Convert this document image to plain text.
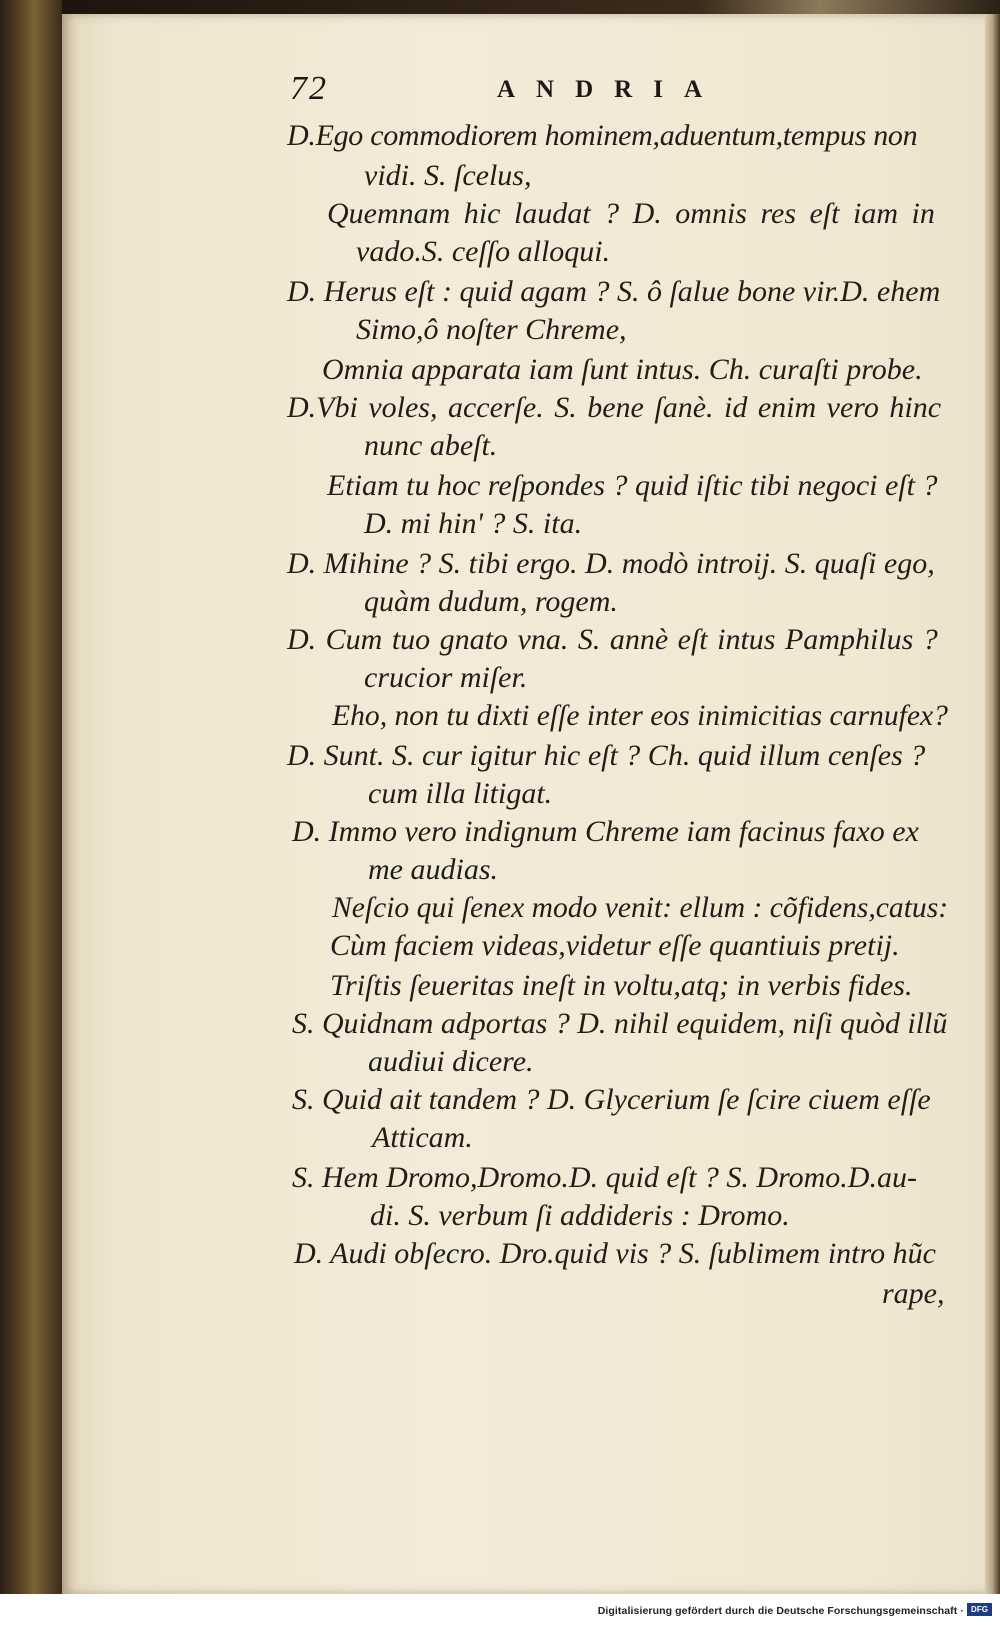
72	ANDRIA
D.Ego commodiorem hominem,aduentum,tempus non
vidi. S. ſcelus,
Quemnam hic laudat ? D. omnis res eſt iam in
vado.S. ceſſo alloqui.
D. Herus eſt : quid agam ? S. ô ſalue bone vir.D. ehem
Simo,ô noſter Chreme,
Omnia apparata iam ſunt intus. Ch. curaſti probe.
D.Vbi voles, accerſe. S. bene ſanè. id enim vero hinc
nunc abeſt.
Etiam tu hoc reſpondes ? quid iſtic tibi negoci eſt ?
D. mi hin' ? S. ita.
D. Mihine ? S. tibi ergo. D. modò introij. S. quaſi ego,
quàm dudum, rogem.
D. Cum tuo gnato vna. S. annè eſt intus Pamphilus ?
crucior miſer.
Eho, non tu dixti eſſe inter eos inimicitias carnufex?
D. Sunt. S. cur igitur hic eſt ? Ch. quid illum cenſes ?
cum illa litigat.
D. Immo vero indignum Chreme iam facinus faxo ex
me audias.
Neſcio qui ſenex modo venit: ellum : cõfidens,catus:
Cùm faciem videas,videtur eſſe quantiuis pretij.
Triſtis ſeueritas ineſt in voltu,atq; in verbis fides.
S. Quidnam adportas ? D. nihil equidem, niſi quòd illũ
audiui dicere.
S. Quid ait tandem ? D. Glycerium ſe ſcire ciuem eſſe
Atticam.
S. Hem Dromo,Dromo.D. quid eſt ? S. Dromo.D.au-
di. S. verbum ſi addideris : Dromo.
D. Audi obſecro. Dro.quid vis ? S. ſublimem intro hũc
rape,
Digitalisierung gefördert durch die Deutsche Forschungsgemeinschaft · DFG
